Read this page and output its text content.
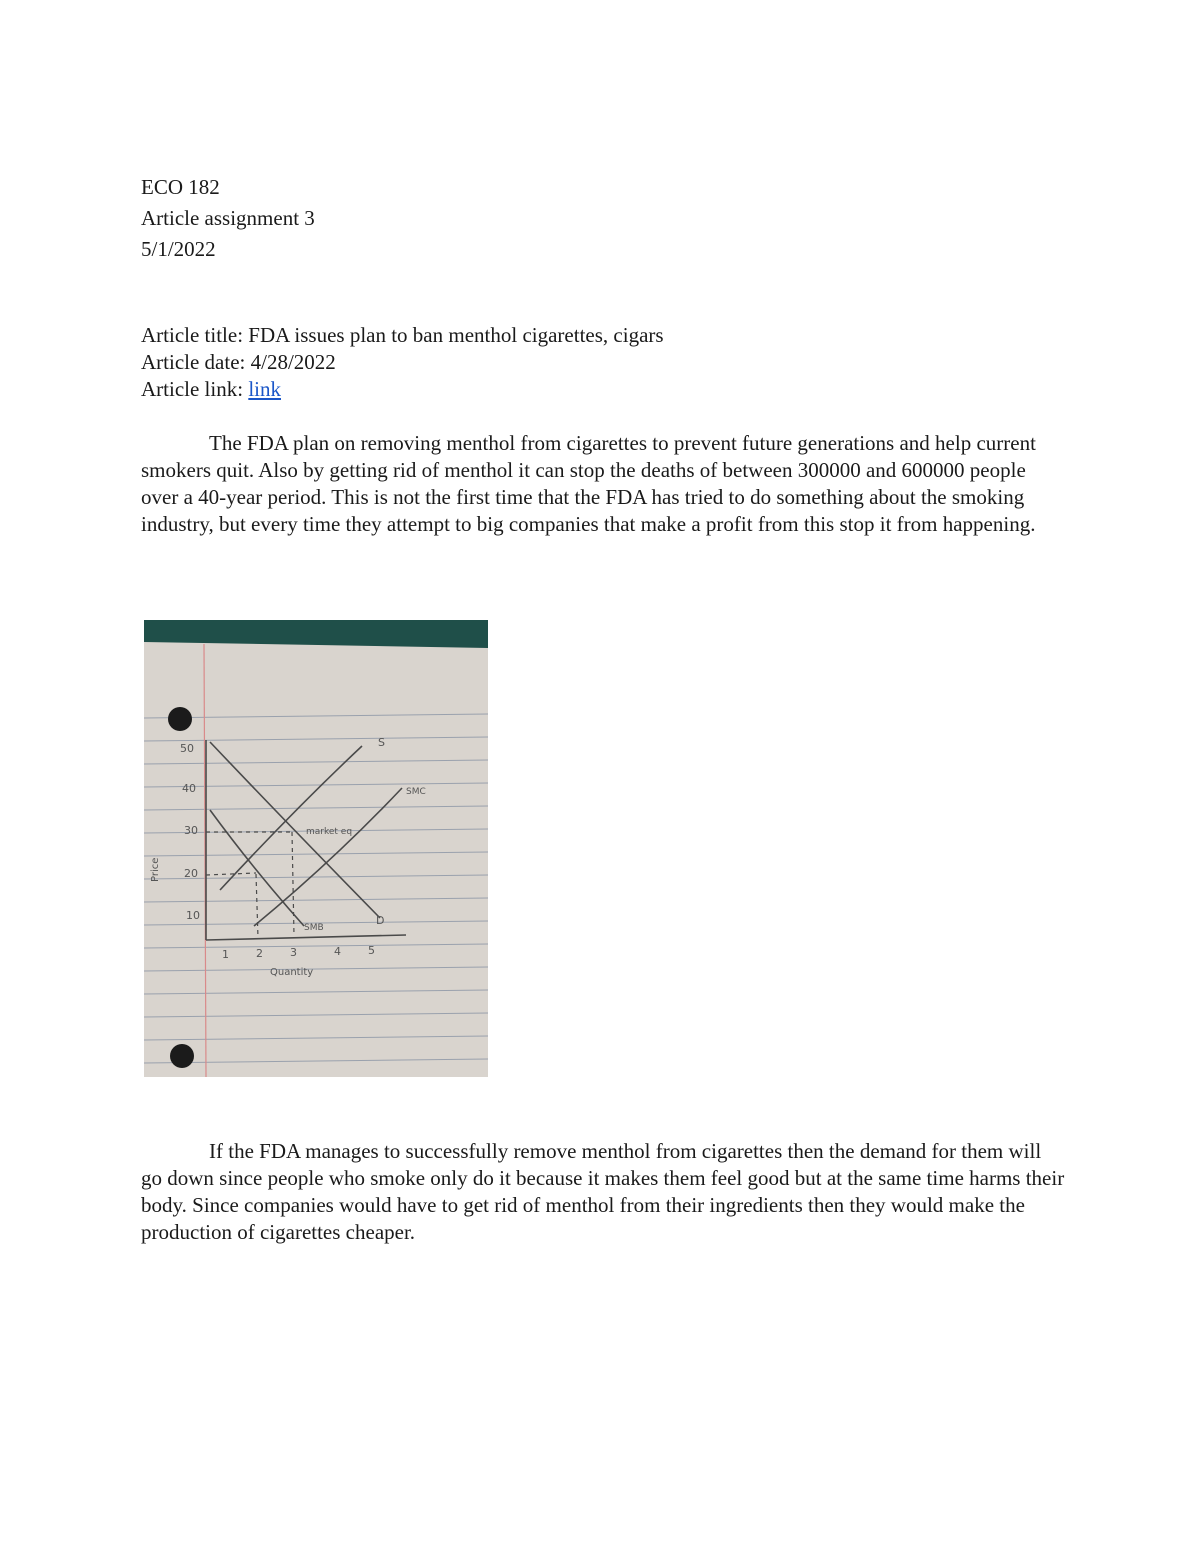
ECO 182
Article assignment 3
5/1/2022
Article title: FDA issues plan to ban menthol cigarettes, cigars
Article date: 4/28/2022
Article link: link

The FDA plan on removing menthol from cigarettes to prevent future generations and help current smokers quit. Also by getting rid of menthol it can stop the deaths of between 300000 and 600000 people over a 40-year period. This is not the first time that the FDA has tried to do something about the smoking industry, but every time they attempt to big companies that make a profit from this stop it from happening.

50
40
30
20
10
1 2 3	4 5
Quantity
Price
S
SMC
D
SMB
market eq

If the FDA manages to successfully remove menthol from cigarettes then the demand for them will go down since people who smoke only do it because it makes them feel good but at the same time harms their body. Since companies would have to get rid of menthol from their ingredients then they would make the production of cigarettes cheaper.
